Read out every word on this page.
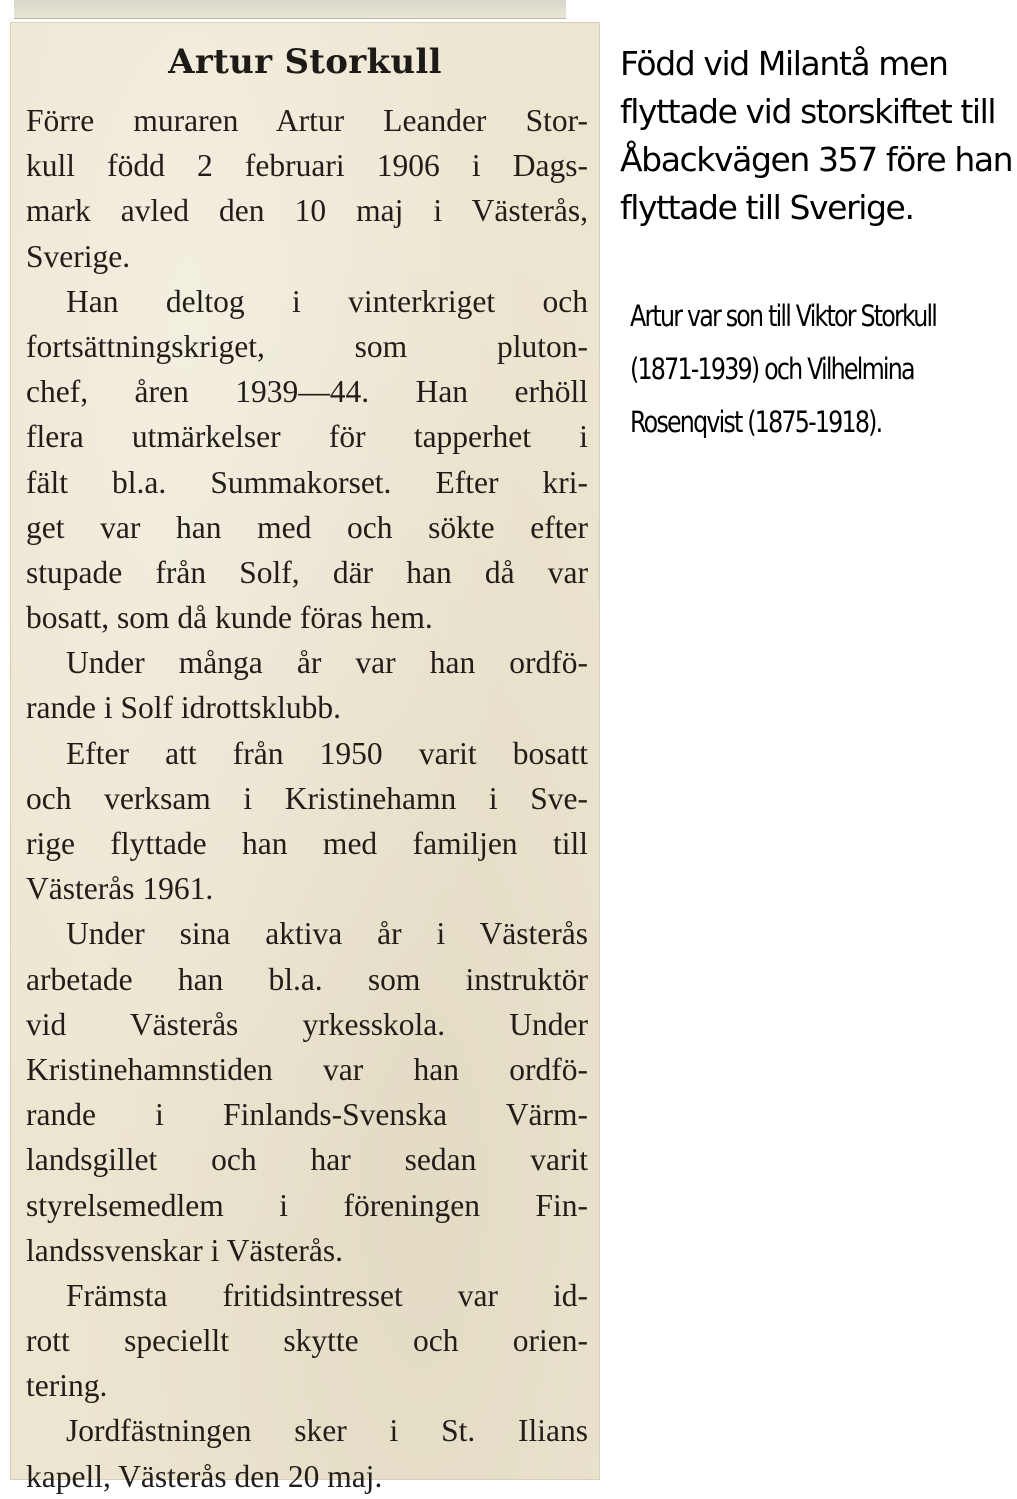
Artur Storkull
Förre muraren Artur Leander Stor-
kull född 2 februari 1906 i Dags-
mark avled den 10 maj i Västerås,
Sverige.
Han deltog i vinterkriget och
fortsättningskriget, som pluton-
chef, åren 1939—44. Han erhöll
flera utmärkelser för tapperhet i
fält bl.a. Summakorset. Efter kri-
get var han med och sökte efter
stupade från Solf, där han då var
bosatt, som då kunde föras hem.
Under många år var han ordfö-
rande i Solf idrottsklubb.
Efter att från 1950 varit bosatt
och verksam i Kristinehamn i Sve-
rige flyttade han med familjen till
Västerås 1961.
Under sina aktiva år i Västerås
arbetade han bl.a. som instruktör
vid Västerås yrkesskola. Under
Kristinehamnstiden var han ordfö-
rande i Finlands-Svenska Värm-
landsgillet och har sedan varit
styrelsemedlem i föreningen Fin-
landssvenskar i Västerås.
Främsta fritidsintresset var id-
rott speciellt skytte och orien-
tering.
Jordfästningen sker i St. Ilians
kapell, Västerås den 20 maj.
Född vid Milantå men
flyttade vid storskiftet till
Åbackvägen 357 före han
flyttade till Sverige.
Artur var son till Viktor Storkull
(1871-1939) och Vilhelmina
Rosenqvist (1875-1918).
